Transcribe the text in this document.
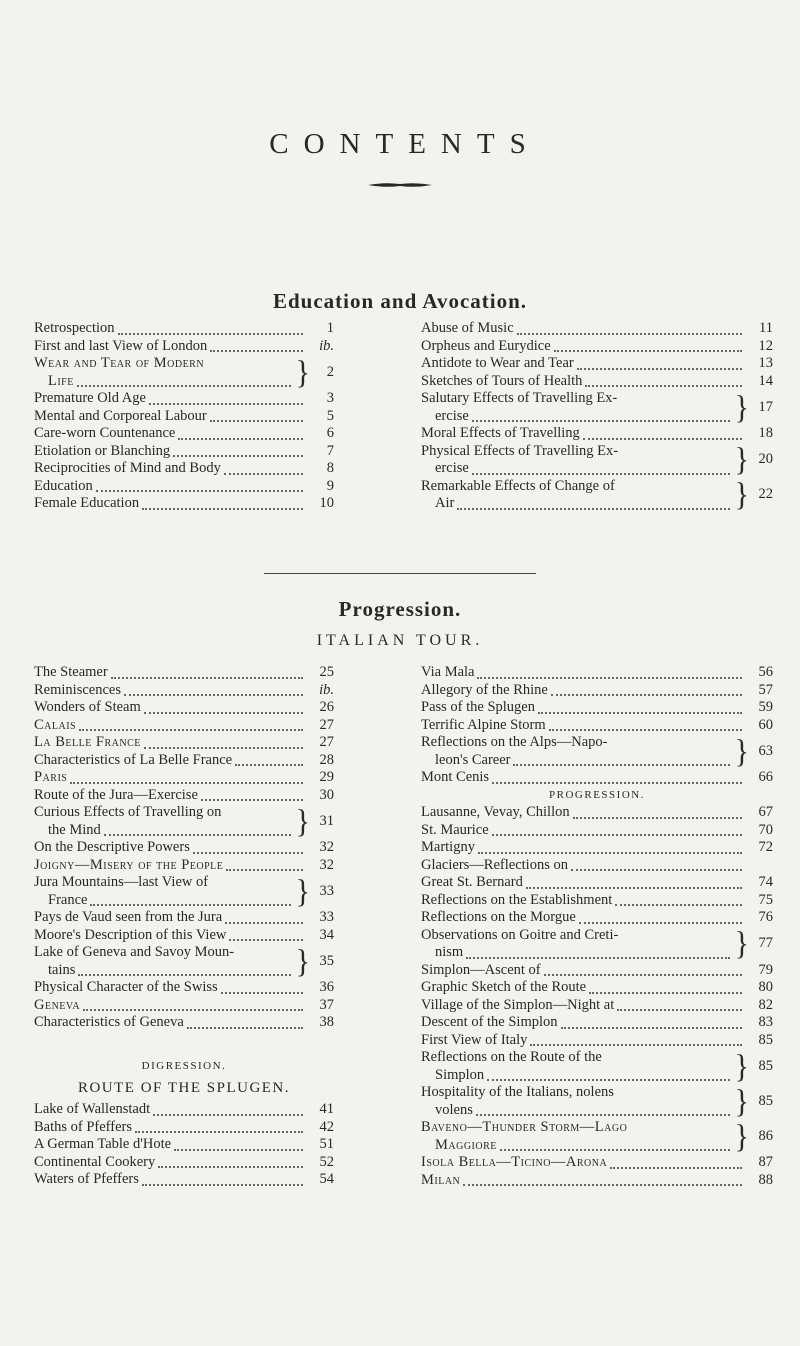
CONTENTS
Education and Avocation.
Retrospection	1
First and last View of London	ib.
Wear and Tear of Modern
Life	}	2
Premature Old Age	3
Mental and Corporeal Labour	5
Care-worn Countenance	6
Etiolation or Blanching	7
Reciprocities of Mind and Body	8
Education	9
Female Education	10
Abuse of Music	11
Orpheus and Eurydice	12
Antidote to Wear and Tear	13
Sketches of Tours of Health	14
Salutary Effects of Travelling Ex-
ercise	} 17
Moral Effects of Travelling	18
Physical Effects of Travelling Ex-
ercise	} 20
Remarkable Effects of Change of
Air	} 22
Progression.
ITALIAN TOUR.
The Steamer	25
Reminiscences	ib.
Wonders of Steam	26
Calais	27
La Belle France	27
Characteristics of La Belle France	28
Paris	29
Route of the Jura—Exercise	30
Curious Effects of Travelling on
the Mind	} 31
On the Descriptive Powers	32
Joigny—Misery of the People	32
Jura Mountains—last View of
France	} 33
Pays de Vaud seen from the Jura	33
Moore's Description of this View	34
Lake of Geneva and Savoy Moun-
tains	} 35
Physical Character of the Swiss	36
Geneva	37
Characteristics of Geneva	38
DIGRESSION.
ROUTE OF THE SPLUGEN.
Lake of Wallenstadt	41
Baths of Pfeffers	42
A German Table d'Hote	51
Continental Cookery	52
Waters of Pfeffers	54
Via Mala	56
Allegory of the Rhine	57
Pass of the Splugen	59
Terrific Alpine Storm	60
Reflections on the Alps—Napo-
leon's Career	} 63
Mont Cenis	66
PROGRESSION.
Lausanne, Vevay, Chillon	67
St. Maurice	70
Martigny	72
Glaciers—Reflections on
Great St. Bernard	74
Reflections on the Establishment	75
Reflections on the Morgue	76
Observations on Goitre and Creti-
nism	} 77
Simplon—Ascent of	79
Graphic Sketch of the Route	80
Village of the Simplon—Night at	82
Descent of the Simplon	83
First View of Italy	85
Reflections on the Route of the
Simplon	} 85
Hospitality of the Italians, nolens
volens	} 85
Baveno—Thunder Storm—Lago
Maggiore	} 86
Isola Bella—Ticino—Arona	87
Milan	88
